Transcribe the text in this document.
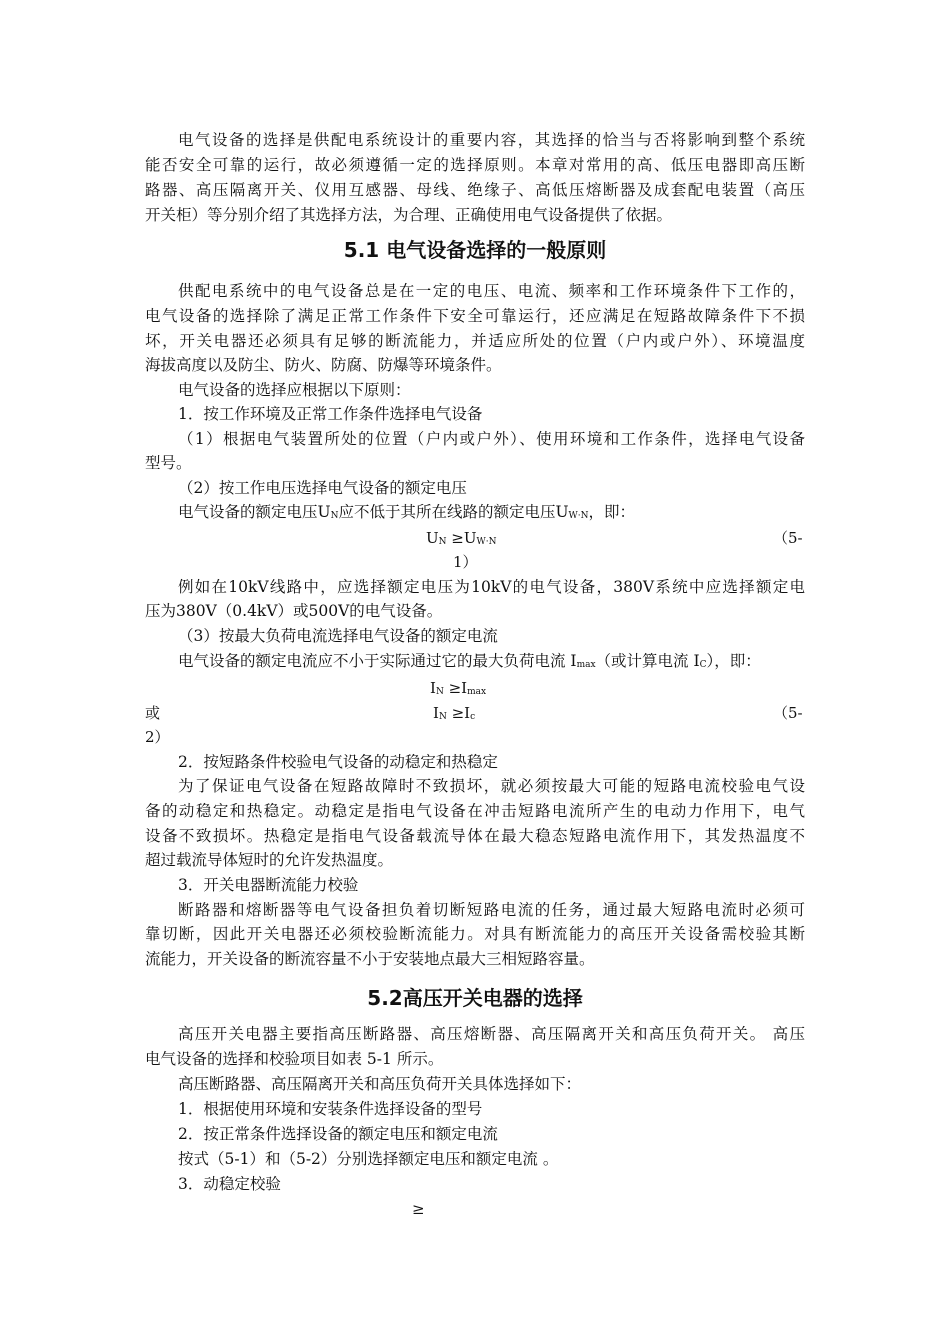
电气设备的选择是供配电系统设计的重要内容，其选择的恰当与否将影响到整个系统
能否安全可靠的运行，故必须遵循一定的选择原则。本章对常用的高、低压电器即高压断
路器、高压隔离开关、仪用互感器、母线、绝缘子、高低压熔断器及成套配电装置（高压
开关柜）等分别介绍了其选择方法，为合理、正确使用电气设备提供了依据。
5.1 电气设备选择的一般原则
供配电系统中的电气设备总是在一定的电压、电流、频率和工作环境条件下工作的，
电气设备的选择除了满足正常工作条件下安全可靠运行，还应满足在短路故障条件下不损
坏，开关电器还必须具有足够的断流能力，并适应所处的位置（户内或户外）、环境温度
海拔高度以及防尘、防火、防腐、防爆等环境条件。
电气设备的选择应根据以下原则：
1．按工作环境及正常工作条件选择电气设备
（1）根据电气装置所处的位置（户内或户外）、使用环境和工作条件，选择电气设备
型号。
（2）按工作电压选择电气设备的额定电压
电气设备的额定电压$U_N$应不低于其所在线路的额定电压$U_{W\cdot N}$，即：
$U_N \ge U_{W\cdot N}$	（5-
1）
例如在10kV线路中，应选择额定电压为10kV的电气设备，380V系统中应选择额定电
压为380V（0.4kV）或500V的电气设备。
（3）按最大负荷电流选择电气设备的额定电流
电气设备的额定电流应不小于实际通过它的最大负荷电流 $I_{max}$（或计算电流 $I_C$），即：
$I_N \ge I_{max}$
或	$I_N \ge I_c$	（5-
2）
2．按短路条件校验电气设备的动稳定和热稳定
为了保证电气设备在短路故障时不致损坏，就必须按最大可能的短路电流校验电气设
备的动稳定和热稳定。动稳定是指电气设备在冲击短路电流所产生的电动力作用下，电气
设备不致损坏。热稳定是指电气设备载流导体在最大稳态短路电流作用下，其发热温度不
超过载流导体短时的允许发热温度。
3．开关电器断流能力校验
断路器和熔断器等电气设备担负着切断短路电流的任务，通过最大短路电流时必须可
靠切断，因此开关电器还必须校验断流能力。对具有断流能力的高压开关设备需校验其断
流能力，开关设备的断流容量不小于安装地点最大三相短路容量。
5.2高压开关电器的选择
高压开关电器主要指高压断路器、高压熔断器、高压隔离开关和高压负荷开关。 高压
电气设备的选择和校验项目如表 5-1 所示。
高压断路器、高压隔离开关和高压负荷开关具体选择如下：
1．根据使用环境和安装条件选择设备的型号
2．按正常条件选择设备的额定电压和额定电流
按式（5-1）和（5-2）分别选择额定电压和额定电流 。
3．动稳定校验
≥
